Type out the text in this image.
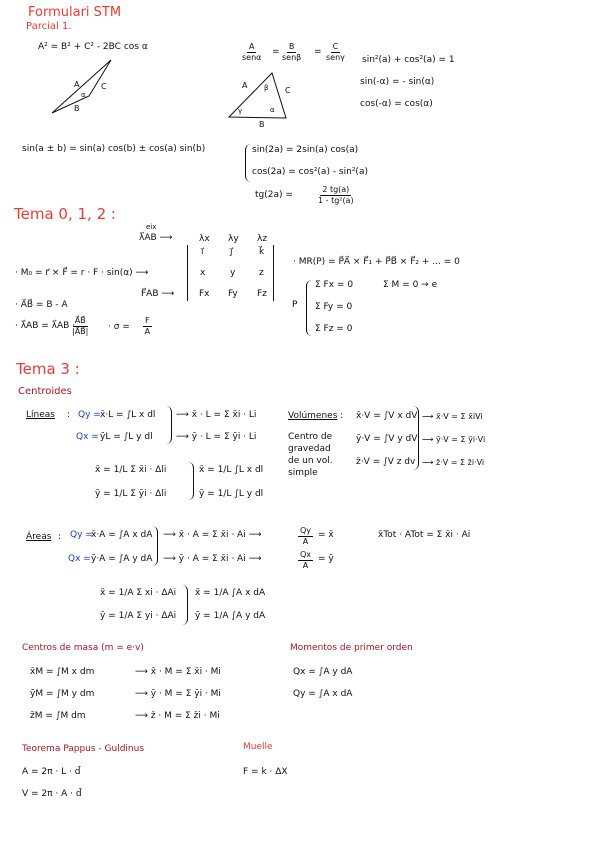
Formulari STM
Parcial 1.
A² = B² + C² - 2BC cos α
A	C
B
α
A
senα
=
B
senβ
=
C
senγ
A
C
B
β
γ	α
sin²(a) + cos²(a) = 1
sin(-α) = - sin(α)
cos(-α) = cos(α)
sin(a ± b) = sin(a) cos(b) ± cos(a) sin(b)	sin(2a) = 2sin(a) cos(a)
cos(2a) = cos²(a) - sin²(a)
tg(2a) =	$\frac{2 tg(a)}{\text{1 - tg²(a)}}$
Tema 0, 1, 2 :
eix
λ⃗AB ⟶
· M₀ = r⃗ × F⃗ = r · F · sin(α) ⟶
F⃗AB ⟶
λx λy λz
i⃗	j⃗	k⃗
x	y	z
Fx Fy Fz
· A⃗B⃗ = B - A
· λ⃗AB = λ⃗AB ·
$\frac{A⃗B⃗}{|A⃗B⃗|} \cdot \sigma = \frac{F}{A}$
· MR(P) = P⃗A⃗ × F⃗₁ + P⃗B⃗ × F⃗₂ + ... = 0
P
Σ Fx = 0	Σ M = 0 → e
Σ Fy = 0
Σ Fz = 0
Tema 3 :
Centroides
Líneas : Qy = x̄·L = ∫L x dl
Qx = ȳL = ∫L y dl
⟶ x̄ · L = Σ x̄i · Li
⟶ ȳ · L = Σ ȳi · Li
x̄ = 1/L Σ x̄i · Δli
ȳ = 1/L Σ ȳi · Δli
x̄ = 1/L ∫L x dl
ȳ = 1/L ∫L y dl
Volúmenes :
Centro de
gravedad
de un vol.
simple
x̄·V = ∫V x dV
ȳ·V = ∫V y dV
z̄·V = ∫V z dv
⟶ x̄·V = Σ x̄iVi
⟶ ȳ·V = Σ ȳi·Vi
⟶ z̄·V = Σ z̄i·Vi
Áreas : Qy =
x̄·A = ∫A x dA
Qx = ȳ·A = ∫A y dA
⟶ x̄ · A = Σ x̄i · Ai ⟶
⟶ ȳ · A = Σ x̄i · Ai ⟶
$\frac{Qy}{A}$ = x̄
$\frac{Qx}{A}$ = ȳ
x̄Tot · ATot = Σ x̄i · Ai
x̄ = 1/A Σ xi · ΔAi
ȳ = 1/A Σ yi · ΔAi
x̄ = 1/A ∫A x dA
ȳ = 1/A ∫A y dA
Centros de masa (m = e·v)
x̄M = ∫M x dm
ȳM = ∫M y dm
z̄M = ∫M dm
⟶ x̄ · M = Σ x̄i · Mi
⟶ ȳ · M = Σ ȳi · Mi
⟶ z̄ · M = Σ z̄i · Mi
Momentos de primer orden
Qx = ∫A y dA
Qy = ∫A x dA
Teorema Pappus - Guldinus
A = 2π · L · d̄
V = 2π · A · d̄
Muelle
F = k · ΔX
